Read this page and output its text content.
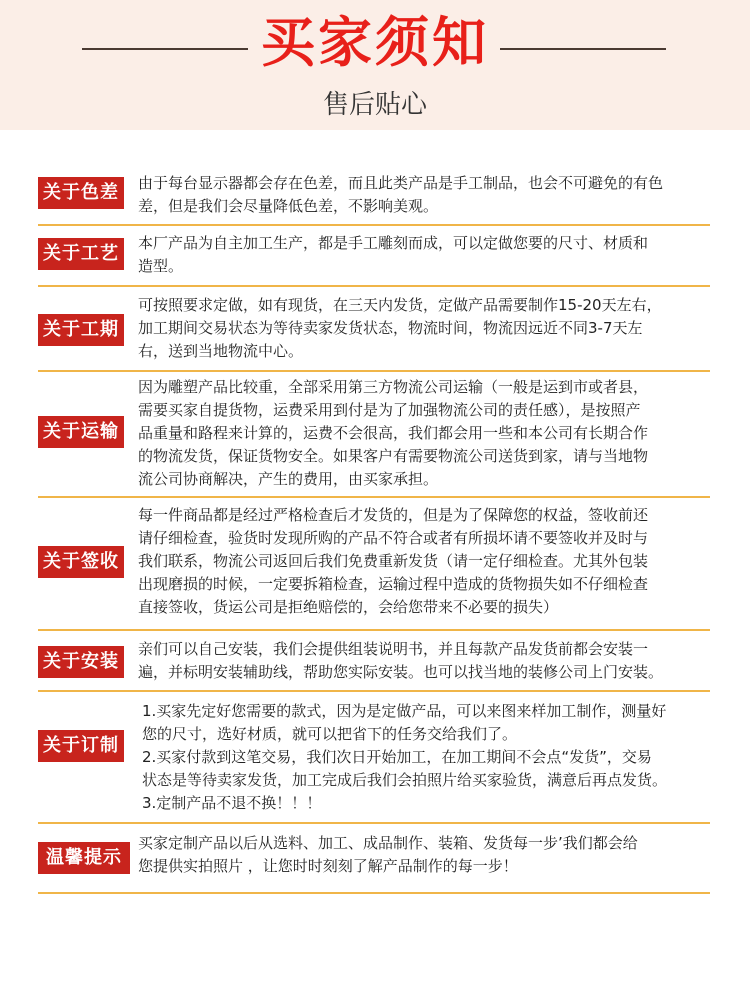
买家须知
售后贴心
关于色差	由于每台显示器都会存在色差，而且此类产品是手工制品，也会不可避免的有色
差，但是我们会尽量降低色差，不影响美观。
关于工艺	本厂产品为自主加工生产，都是手工雕刻而成，可以定做您要的尺寸、材质和
造型。
关于工期
可按照要求定做，如有现货，在三天内发货，定做产品需要制作15-20天左右，
加工期间交易状态为等待卖家发货状态，物流时间，物流因远近不同3-7天左
右，送到当地物流中心。
关于运输
因为雕塑产品比较重，全部采用第三方物流公司运输（一般是运到市或者县，
需要买家自提货物，运费采用到付是为了加强物流公司的责任感），是按照产
品重量和路程来计算的，运费不会很高，我们都会用一些和本公司有长期合作
的物流发货，保证货物安全。如果客户有需要物流公司送货到家，请与当地物
流公司协商解决，产生的费用，由买家承担。
关于签收
每一件商品都是经过严格检查后才发货的，但是为了保障您的权益，签收前还
请仔细检查，验货时发现所购的产品不符合或者有所损坏请不要签收并及时与
我们联系，物流公司返回后我们免费重新发货（请一定仔细检查。尤其外包装
出现磨损的时候，一定要拆箱检查，运输过程中造成的货物损失如不仔细检查
直接签收，货运公司是拒绝赔偿的，会给您带来不必要的损失）
关于安装
亲们可以自己安装，我们会提供组装说明书，并且每款产品发货前都会安装一
遍，并标明安装辅助线，帮助您实际安装。也可以找当地的装修公司上门安装。
关于订制
1.买家先定好您需要的款式，因为是定做产品，可以来图来样加工制作，测量好
您的尺寸，选好材质，就可以把省下的任务交给我们了。
2.买家付款到这笔交易，我们次日开始加工，在加工期间不会点“发货”，交易
状态是等待卖家发货，加工完成后我们会拍照片给买家验货，满意后再点发货。
3.定制产品不退不换！！！
温馨提示
买家定制产品以后从选料、加工、成品制作、装箱、发货每一步’我们都会给
您提供实拍照片 ，让您时时刻刻了解产品制作的每一步！
